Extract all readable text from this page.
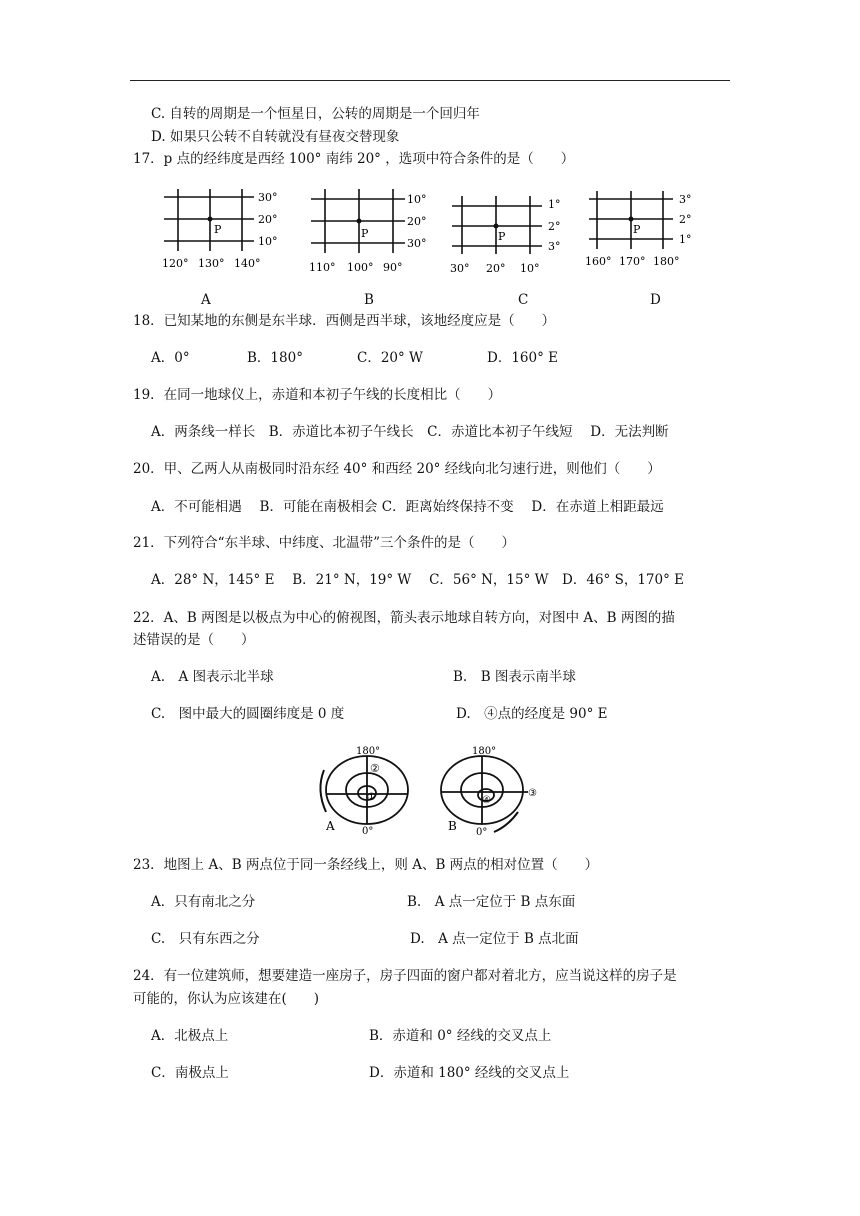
C. 自转的周期是一个恒星日，公转的周期是一个回归年
D. 如果只公转不自转就没有昼夜交替现象
17．p 点的经纬度是西经 100° 南纬 20° ，选项中符合条件的是（　　）
P
30°
20°
10°
120° 130° 140°
P
10°
20°
30°
110° 100° 90°
P
1°
2°
3°
30° 20° 10°
P
3°
2°
1°
160° 170° 180°
A	B	C	D
18．已知某地的东侧是东半球．西侧是西半球，该地经度应是（　　）
A．0°	B．180°	C．20° W	D．160° E
19．在同一地球仪上，赤道和本初子午线的长度相比（　　）
A．两条线一样长　B．赤道比本初子午线长　C．赤道比本初子午线短　 D．无法判断
20．甲、乙两人从南极同时沿东经 40° 和西经 20° 经线向北匀速行进，则他们（　　）
A．不可能相遇　 B．可能在南极相会 C．距离始终保持不变　 D．在赤道上相距最远
21．下列符合“东半球、中纬度、北温带”三个条件的是（　　）
A．28° N，145° E　 B．21° N，19° W　 C．56° N，15° W　D．46° S，170° E
22．A、B 两图是以极点为中心的俯视图，箭头表示地球自转方向，对图中 A、B 两图的描
述错误的是（　　）
A.　A 图表示北半球	B.　B 图表示南半球
C.　图中最大的圆圈纬度是 0 度	D.　④点的经度是 90° E
180°
0°
②
①
A
180°
0°
④
③
B
23．地图上 A、B 两点位于同一条经线上，则 A、B 两点的相对位置（　　）
A．只有南北之分	B.　A 点一定位于 B 点东面
C.　只有东西之分	D.　A 点一定位于 B 点北面
24．有一位建筑师，想要建造一座房子，房子四面的窗户都对着北方，应当说这样的房子是
可能的，你认为应该建在(　　)
A．北极点上	B．赤道和 0° 经线的交叉点上
C．南极点上	D．赤道和 180° 经线的交叉点上
